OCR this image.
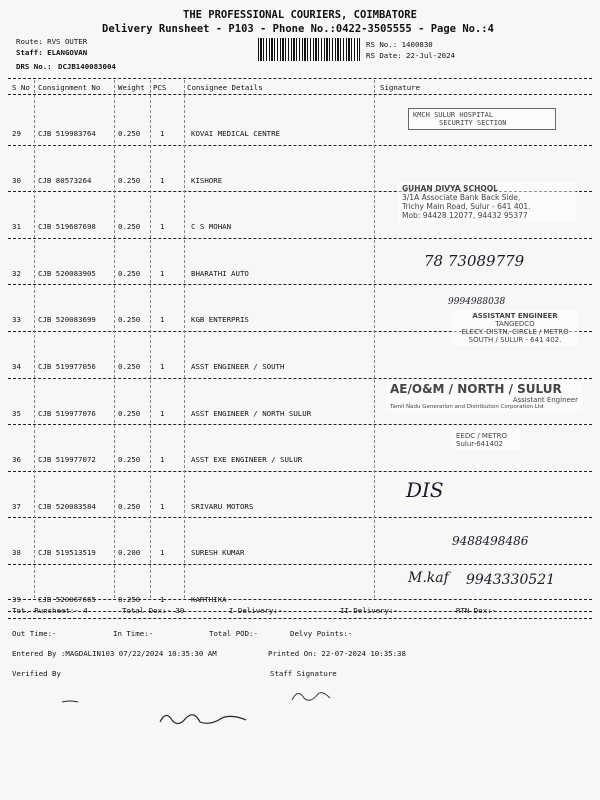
THE PROFESSIONAL COURIERS, COIMBATORE
Delivery Runsheet - P103 - Phone No.:0422-3505555 - Page No.:4
Route: RVS OUTER
Staff: ELANGOVAN
DRS No.: DCJB140083004
RS No.: 1400830
RS Date: 22-Jul-2024
S No Consignment No Weight PCS	Consignee Details	Signature
29 CJB 519983764	0.250	1	KOVAI MEDICAL CENTRE
30 CJB 80573264	0.250	1	KISHORE
31 CJB 519687698	0.250	1	C S MOHAN
32 CJB 520083905	0.250	1	BHARATHI AUTO
33 CJB 520083699	0.250	1	KGB ENTERPRIS
34 CJB 519977056	0.250	1	ASST ENGINEER / SOUTH
35 CJB 519977076	0.250	1	ASST ENGINEER / NORTH SULUR
36 CJB 519977072	0.250	1	ASST EXE ENGINEER / SULUR
37 CJB 520083584	0.250	1	SRIVARU MOTORS
38 CJB 519513519	0.200	1	SURESH KUMAR
39 CJB 520067665	0.250	1	KARTHIKA
KMCH SULUR HOSPITAL
SECURITY SECTION
GUHAN DIVYA SCHOOL
3/1A Associate Bank Back Side,
Trichy Main Road, Sulur - 641 401.
Mob: 94428 12077, 94432 95377
78 73089779
9994988038
ASSISTANT ENGINEER
TANGEDCO
ELECY. DISTN. CIRCLE / METRO
SOUTH / SULUR - 641 402.
AE/O&M / NORTH / SULUR
Assistant Engineer
Tamil Nadu Generation and Distribution Corporation Ltd
EEDC / METRO
Sulur-641402
DIS
9488498486
M.kaf 9943330521
Tot. Runsheet:- 4	Total Dox:- 39	I Delivery:-	II Delivery:-	RTN Dox:-
Out Time:-	In Time:-	Total POD:-	Delvy Points:-
Entered By :MAGDALIN103 07/22/2024 10:35:30 AM	Printed On: 22-07-2024 10:35:38
Verified By	Staff Signature
